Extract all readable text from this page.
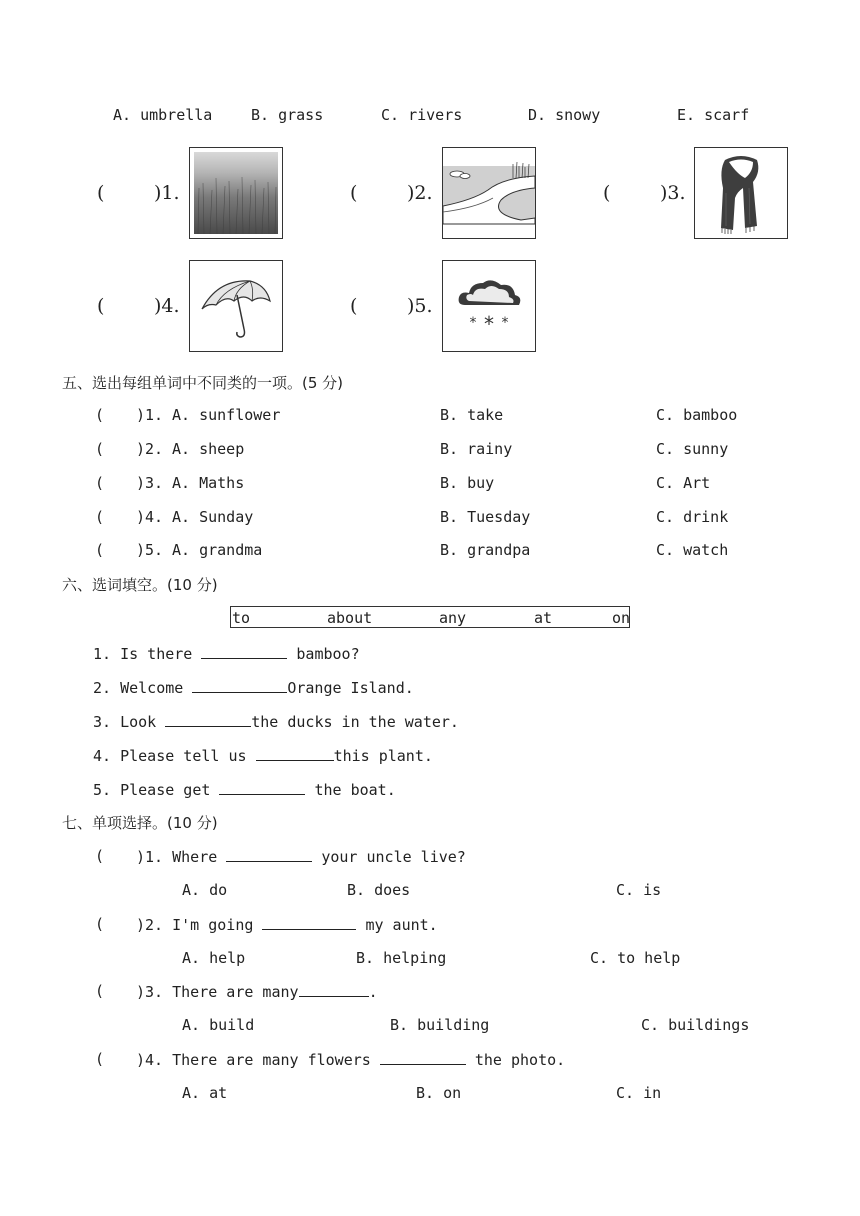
A. umbrella	B. grass	C. rivers	D. snowy	E. scarf
(	)1.	(	)2.	(	)3.
(	)4.	(	)5.
* * *
五、选出每组单词中不同类的一项。(5 分)
( )1. A. sunflower	B. take	C. bamboo
( )2. A. sheep	B. rainy	C. sunny
( )3. A. Maths	B. buy	C. Art
( )4. A. Sunday	B. Tuesday	C. drink
( )5. A. grandma	B. grandpa	C. watch
六、选词填空。(10 分)
to	about	any	at	on
1. Is there	bamboo?
2. Welcome	Orange Island.
3. Look	the ducks in the water.
4. Please tell us	this plant.
5. Please get	the boat.
七、单项选择。(10 分)
( )1. Where	your uncle live?
A. do	B. does	C. is
( )2. I'm going	my aunt.
A. help	B. helping	C. to help
( )3. There are many	.
A. build	B. building	C. buildings
( )4. There are many flowers	the photo.
A. at	B. on	C. in
